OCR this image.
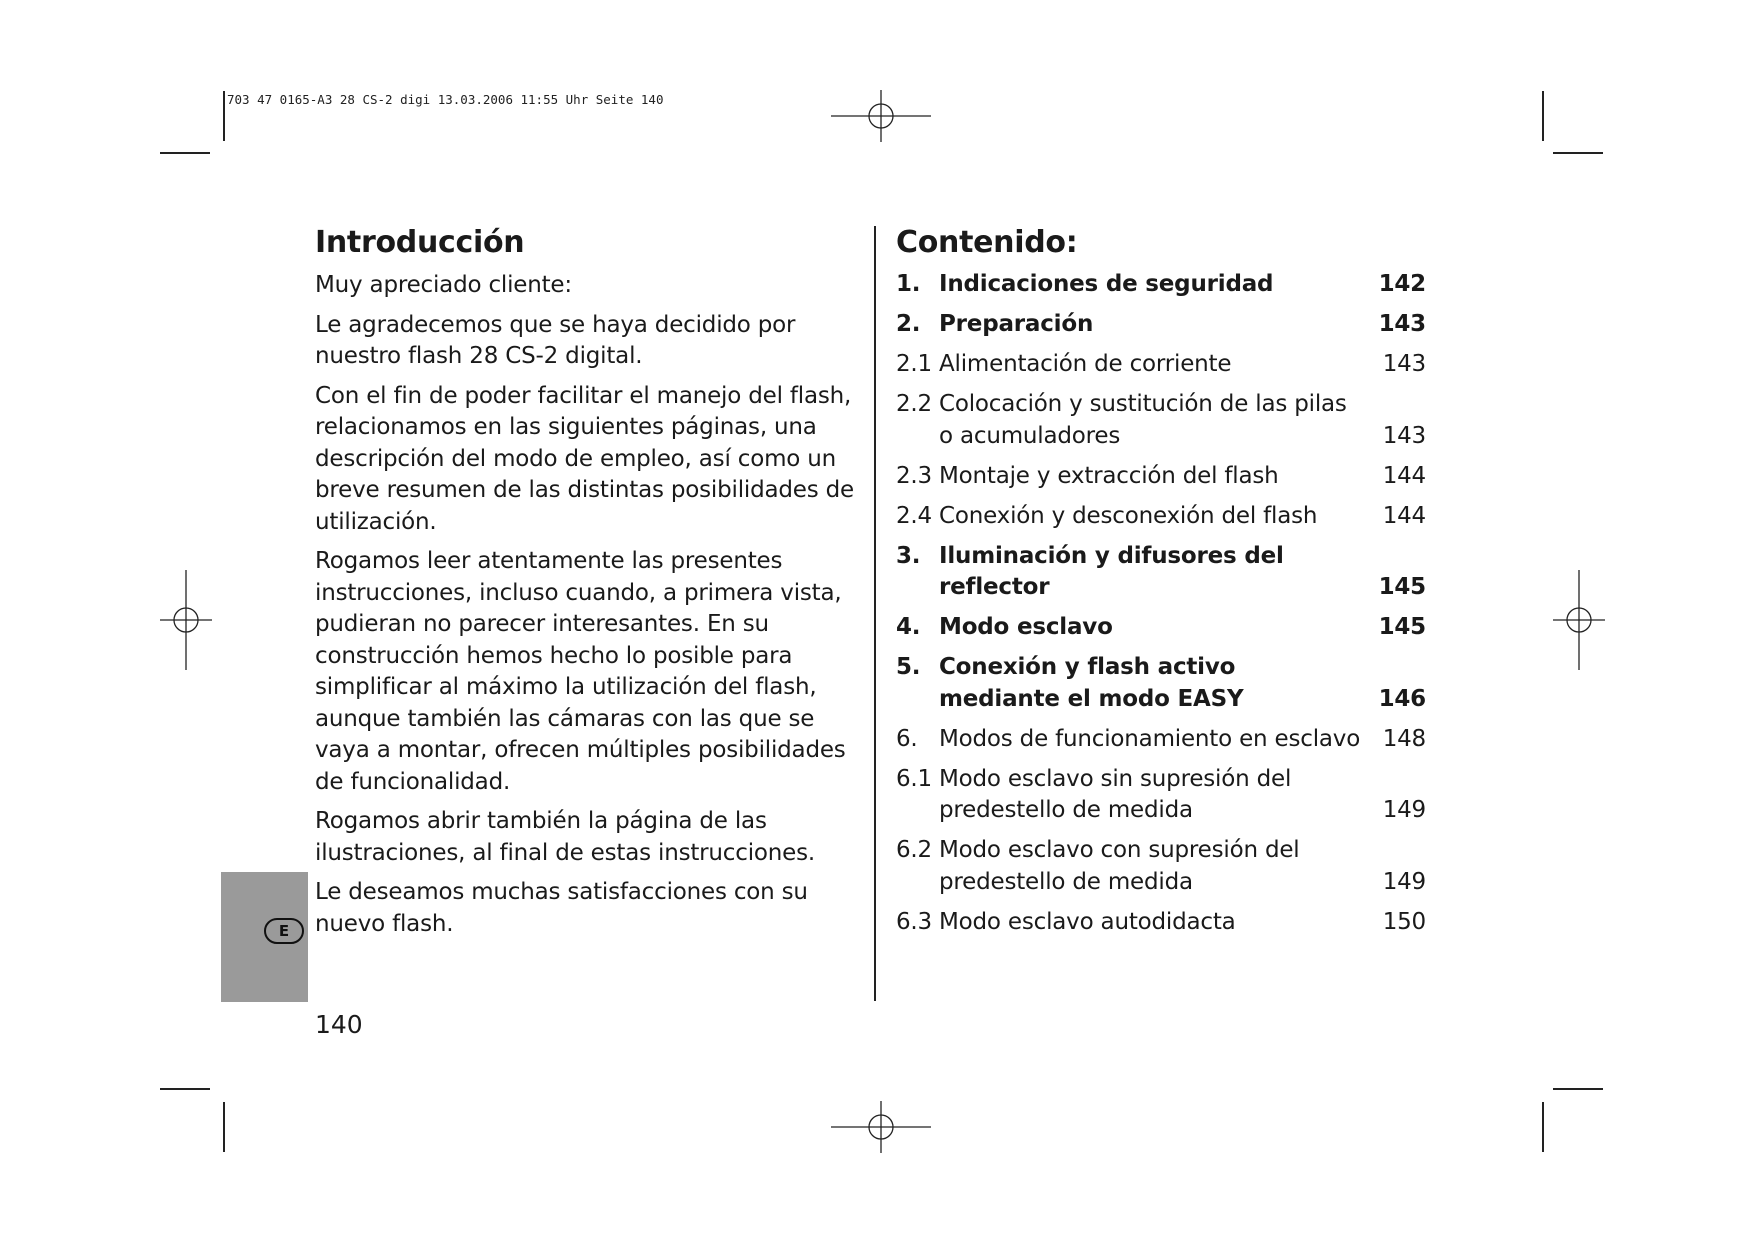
703 47 0165-A3 28 CS-2 digi 13.03.2006 11:55 Uhr Seite 140
Introducción

Muy apreciado cliente:

Le agradecemos que se haya decidido por nuestro flash 28 CS-2 digital.

Con el fin de poder facilitar el manejo del flash, relacionamos en las siguientes páginas, una descripción del modo de empleo, así como un breve resumen de las distintas posibilidades de utilización.

Rogamos leer atentamente las presentes instrucciones, incluso cuando, a primera vista, pudieran no parecer interesantes. En su construcción hemos hecho lo posible para simplificar al máximo la utilización del flash, aunque también las cámaras con las que se vaya a montar, ofrecen múltiples posibilidades de funcionalidad.

Rogamos abrir también la página de las ilustraciones, al final de estas instrucciones.

Le deseamos muchas satisfacciones con su nuevo flash.

Contenido:
1. Indicaciones de seguridad	142
2. Preparación	143
2.1 Alimentación de corriente	143
2.2 Colocación y sustitución de las pilas o acumuladores	143
2.3 Montaje y extracción del flash	144
2.4 Conexión y desconexión del flash	144
3. Iluminación y difusores del reflector	145
4. Modo esclavo	145
5. Conexión y flash activo mediante el modo EASY	146
6. Modos de funcionamiento en esclavo 148
6.1 Modo esclavo sin supresión del predestello de medida	149
6.2 Modo esclavo con supresión del predestello de medida	149
6.3 Modo esclavo autodidacta	150
E
140
